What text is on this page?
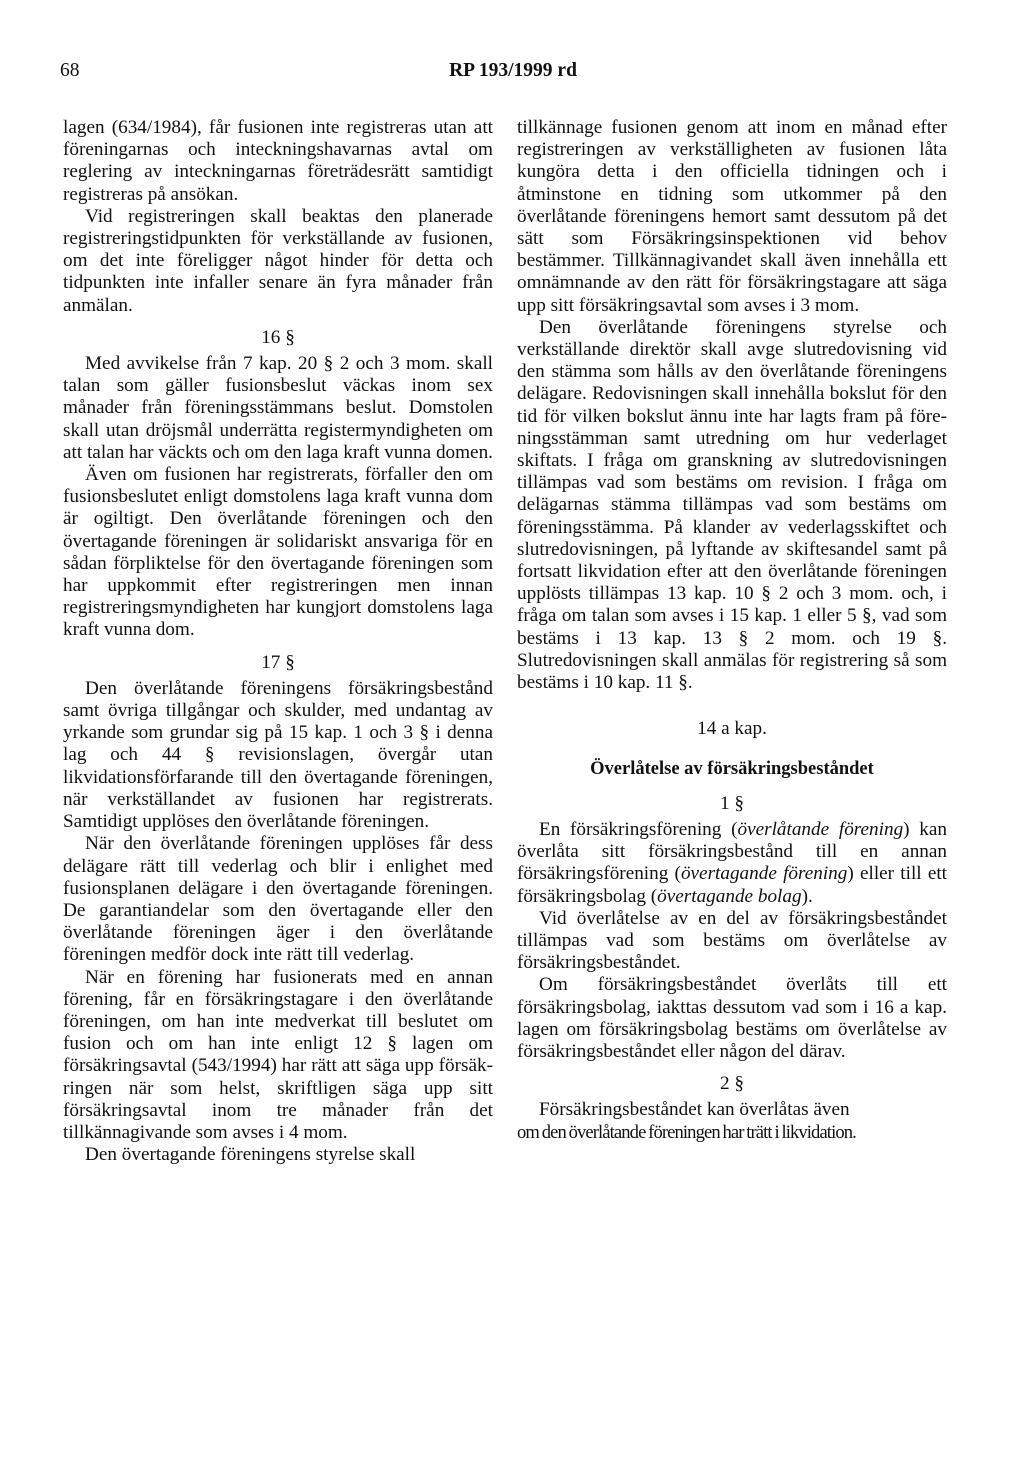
68	RP 193/1999 rd

lagen (634/1984), får fusionen inte registreras utan att föreningarnas och inteckningshavarnas avtal om reglering av inteckningarnas företrädesrätt samtidigt registreras på ansökan.

Vid registreringen skall beaktas den planerade registreringstidpunkten för verkställande av fusionen, om det inte föreligger något hinder för detta och tidpunkten inte infaller senare än fyra månader från anmälan.

16 §

Med avvikelse från 7 kap. 20 § 2 och 3 mom. skall talan som gäller fusionsbeslut väckas inom sex månader från föreningsstämmans beslut. Domstolen skall utan dröjsmål underrätta registermyndigheten om att talan har väckts och om den laga kraft vunna domen.

Även om fusionen har registrerats, förfaller den om fusionsbeslutet enligt domstolens laga kraft vunna dom är ogiltigt. Den överlåtande föreningen och den övertagande föreningen är solidariskt ansvariga för en sådan förpliktelse för den övertagande föreningen som har uppkommit efter registreringen men innan registreringsmyndigheten har kungjort domstolens laga kraft vunna dom.

17 §

Den överlåtande föreningens försäkringsbestånd samt övriga tillgångar och skulder, med undantag av yrkande som grundar sig på 15 kap. 1 och 3 § i denna lag och 44 § revisionslagen, övergår utan likvidationsförfarande till den övertagande föreningen, när verkställandet av fusionen har registrerats. Samtidigt upplöses den överlåtande föreningen.

När den överlåtande föreningen upplöses får dess delägare rätt till vederlag och blir i enlighet med fusionsplanen delägare i den övertagande föreningen. De garantiandelar som den övertagande eller den överlåtande föreningen äger i den överlåtande föreningen medför dock inte rätt till vederlag.

När en förening har fusionerats med en annan förening, får en försäkringstagare i den överlåtande föreningen, om han inte medverkat till beslutet om fusion och om han inte enligt 12 § lagen om försäkringsavtal (543/1994) har rätt att säga upp försäkringen när som helst, skriftligen säga upp sitt försäkringsavtal inom tre månader från det tillkännagivande som avses i 4 mom.

Den övertagande föreningens styrelse skall

tillkännage fusionen genom att inom en månad efter registreringen av verkställigheten av fusionen låta kungöra detta i den officiella tidningen och i åtminstone en tidning som utkommer på den överlåtande föreningens hemort samt dessutom på det sätt som Försäkringsinspektionen vid behov bestämmer. Tillkännagivandet skall även innehålla ett omnämnande av den rätt för försäkringstagare att säga upp sitt försäkringsavtal som avses i 3 mom.

Den överlåtande föreningens styrelse och verkställande direktör skall avge slutredovisning vid den stämma som hålls av den överlåtande föreningens delägare. Redovisningen skall innehålla bokslut för den tid för vilken bokslut ännu inte har lagts fram på föreningsstämman samt utredning om hur vederlaget skiftats. I fråga om granskning av slutredovisningen tillämpas vad som bestäms om revision. I fråga om delägarnas stämma tillämpas vad som bestäms om föreningsstämma. På klander av vederlagsskiftet och slutredovisningen, på lyftande av skiftesandel samt på fortsatt likvidation efter att den överlåtande föreningen upplösts tillämpas 13 kap. 10 § 2 och 3 mom. och, i fråga om talan som avses i 15 kap. 1 eller 5 §, vad som bestäms i 13 kap. 13 § 2 mom. och 19 §. Slutredovisningen skall anmälas för registrering så som bestäms i 10 kap. 11 §.

14 a kap.
Överlåtelse av försäkringsbeståndet
1 §

En försäkringsförening (överlåtande förening) kan överlåta sitt försäkringsbestånd till en annan försäkringsförening (övertagande förening) eller till ett försäkringsbolag (övertagande bolag).

Vid överlåtelse av en del av försäkringsbeståndet tillämpas vad som bestäms om överlåtelse av försäkringsbeståndet.

Om försäkringsbeståndet överlåts till ett försäkringsbolag, iakttas dessutom vad som i 16 a kap. lagen om försäkringsbolag bestäms om överlåtelse av försäkringsbeståndet eller någon del därav.

2 §

Försäkringsbeståndet kan överlåtas även

om den överlåtande föreningen har trätt i likvidation.
